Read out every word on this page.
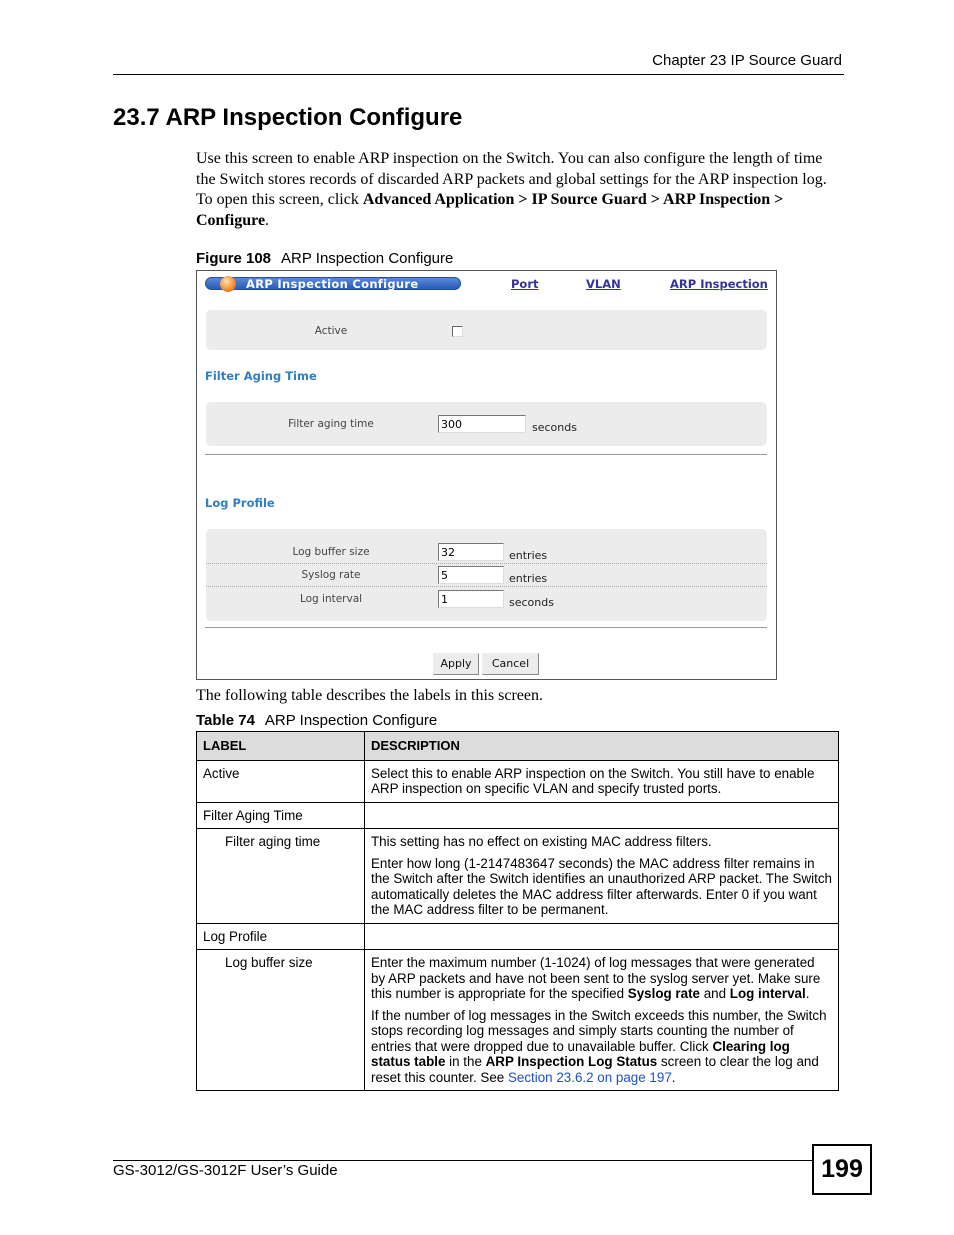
Chapter 23 IP Source Guard
23.7 ARP Inspection Configure

Use this screen to enable ARP inspection on the Switch. You can also configure the length of time the Switch stores records of discarded ARP packets and global settings for the ARP inspection log. To open this screen, click Advanced Application > IP Source Guard > ARP Inspection > Configure.

Figure 108 ARP Inspection Configure
ARP Inspection Configure	Port	VLAN	ARP Inspection
Active
Filter Aging Time
Filter aging time
300	seconds
Log Profile
Log buffer size
32	entries
Syslog rate
5	entries
Log interval
1	seconds
Apply	Cancel

The following table describes the labels in this screen.

Table 74 ARP Inspection Configure
LABEL	DESCRIPTION
Active	Select this to enable ARP inspection on the Switch. You still have to enable ARP inspection on specific VLAN and specify trusted ports.
Filter Aging Time	
Filter aging time	This setting has no effect on existing MAC address filters.

Enter how long (1-2147483647 seconds) the MAC address filter remains in the Switch after the Switch identifies an unauthorized ARP packet. The Switch automatically deletes the MAC address filter afterwards. Enter 0 if you want the MAC address filter to be permanent.

Log Profile	
Log buffer size	Enter the maximum number (1-1024) of log messages that were generated by ARP packets and have not been sent to the syslog server yet. Make sure this number is appropriate for the specified Syslog rate and Log interval.

If the number of log messages in the Switch exceeds this number, the Switch stops recording log messages and simply starts counting the number of entries that were dropped due to unavailable buffer. Click Clearing log status table in the ARP Inspection Log Status screen to clear the log and reset this counter. See Section 23.6.2 on page 197.

GS-3012/GS-3012F User’s Guide	199
